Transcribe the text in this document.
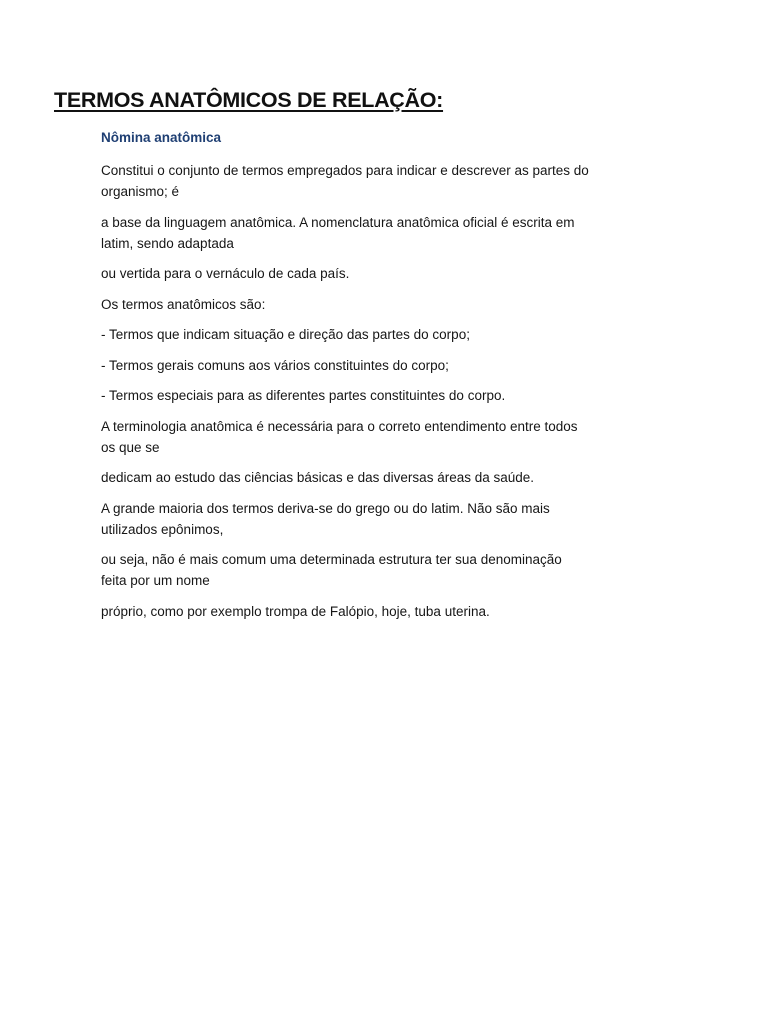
TERMOS ANATÔMICOS DE RELAÇÃO:
Nômina anatômica

Constitui o conjunto de termos empregados para indicar e descrever as partes do
organismo; é

a base da linguagem anatômica. A nomenclatura anatômica oficial é escrita em
latim, sendo adaptada

ou vertida para o vernáculo de cada país.

Os termos anatômicos são:

- Termos que indicam situação e direção das partes do corpo;

- Termos gerais comuns aos vários constituintes do corpo;

- Termos especiais para as diferentes partes constituintes do corpo.

A terminologia anatômica é necessária para o correto entendimento entre todos
os que se

dedicam ao estudo das ciências básicas e das diversas áreas da saúde.

A grande maioria dos termos deriva-se do grego ou do latim. Não são mais
utilizados epônimos,

ou seja, não é mais comum uma determinada estrutura ter sua denominação
feita por um nome

próprio, como por exemplo trompa de Falópio, hoje, tuba uterina.
